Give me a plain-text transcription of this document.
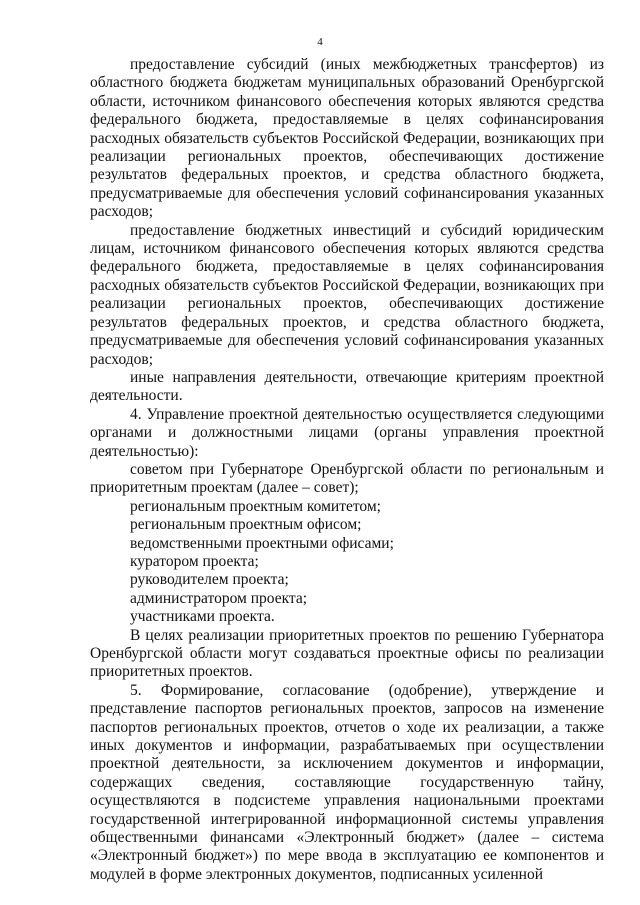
4

предоставление субсидий (иных межбюджетных трансфертов) из областного бюджета бюджетам муниципальных образований Оренбургской области, источником финансового обеспечения которых являются средства федерального бюджета, предоставляемые в целях софинансирования расходных обязательств субъектов Российской Федерации, возникающих при реализации региональных проектов, обеспечивающих достижение результатов федеральных проектов, и средства областного бюджета, предусматриваемые для обеспечения условий софинансирования указанных расходов;

предоставление бюджетных инвестиций и субсидий юридическим лицам, источником финансового обеспечения которых являются средства федерального бюджета, предоставляемые в целях софинансирования расходных обязательств субъектов Российской Федерации, возникающих при реализации региональных проектов, обеспечивающих достижение результатов федеральных проектов, и средства областного бюджета, предусматриваемые для обеспечения условий софинансирования указанных расходов;

иные направления деятельности, отвечающие критериям проектной деятельности.

4. Управление проектной деятельностью осуществляется следующими органами и должностными лицами (органы управления проектной деятельностью):

советом при Губернаторе Оренбургской области по региональным и приоритетным проектам (далее – совет);

региональным проектным комитетом;

региональным проектным офисом;

ведомственными проектными офисами;

куратором проекта;

руководителем проекта;

администратором проекта;

участниками проекта.

В целях реализации приоритетных проектов по решению Губернатора Оренбургской области могут создаваться проектные офисы по реализации приоритетных проектов.

5. Формирование, согласование (одобрение), утверждение и представление паспортов региональных проектов, запросов на изменение паспортов региональных проектов, отчетов о ходе их реализации, а также иных документов и информации, разрабатываемых при осуществлении проектной деятельности, за исключением документов и информации, содержащих сведения, составляющие государственную тайну, осуществляются в подсистеме управления национальными проектами государственной интегрированной информационной системы управления общественными финансами «Электронный бюджет» (далее – система «Электронный бюджет») по мере ввода в эксплуатацию ее компонентов и модулей в форме электронных документов, подписанных усиленной
